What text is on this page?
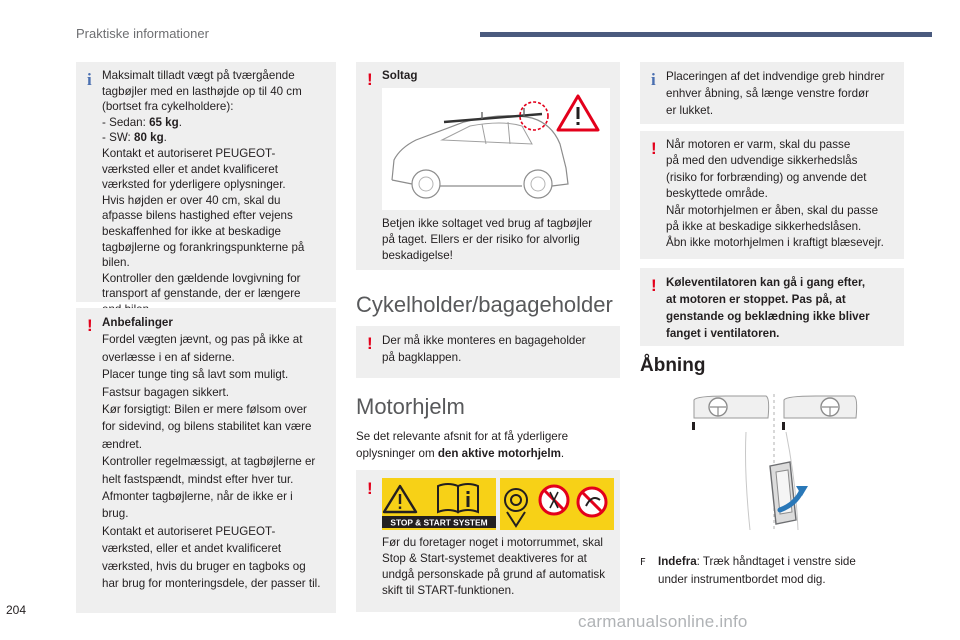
Praktiske informationer
i Maksimalt tilladt vægt på tværgående
tagbøjler med en lasthøjde op til 40 cm
(bortset fra cykelholdere):
- Sedan: 65 kg.
- SW: 80 kg.
Kontakt et autoriseret PEUGEOT-
værksted eller et andet kvalificeret
værksted for yderligere oplysninger.
Hvis højden er over 40 cm, skal du
afpasse bilens hastighed efter vejens
beskaffenhed for ikke at beskadige
tagbøjlerne og forankringspunkterne på
bilen.
Kontroller den gældende lovgivning for
transport af genstande, der er længere
! Anbefalinger
Fordel vægten jævnt, og pas på ikke at
overlæsse i en af siderne.
Placer tunge ting så lavt som muligt.
Fastsur bagagen sikkert.
Kør forsigtigt: Bilen er mere følsom over
for sidevind, og bilens stabilitet kan være
ændret.
Kontroller regelmæssigt, at tagbøjlerne er
helt fastspændt, mindst efter hver tur.
Afmonter tagbøjlerne, når de ikke er i
brug.
Kontakt et autoriseret PEUGEOT-
værksted, eller et andet kvalificeret
værksted, hvis du bruger en tagboks og
har brug for monteringsdele, der passer til.
! Soltag
Betjen ikke soltaget ved brug af tagbøjler
på taget. Ellers er der risiko for alvorlig
beskadigelse!
Cykelholder/bagageholder
! Der må ikke monteres en bagageholder
på bagklappen.
Motorhjelm
Se det relevante afsnit for at få yderligere
oplysninger om den aktive motorhjelm.
!
STOP & START SYSTEM
Før du foretager noget i motorrummet, skal
Stop & Start-systemet deaktiveres for at
undgå personskade på grund af automatisk
skift til START-funktionen.
i Placeringen af det indvendige greb hindrer
enhver åbning, så længe venstre fordør
er lukket.
! Når motoren er varm, skal du passe
på med den udvendige sikkerhedslås
(risiko for forbrænding) og anvende det
beskyttede område.
Når motorhjelmen er åben, skal du passe
på ikke at beskadige sikkerhedslåsen.
Åbn ikke motorhjelmen i kraftigt blæsevejr.
! Køleventilatoren kan gå i gang efter,
at motoren er stoppet. Pas på, at
genstande og beklædning ikke bliver
fanget i ventilatoren.
Åbning
F Indefra: Træk håndtaget i venstre side
under instrumentbordet mod dig.
204
carmanualsonline.info
